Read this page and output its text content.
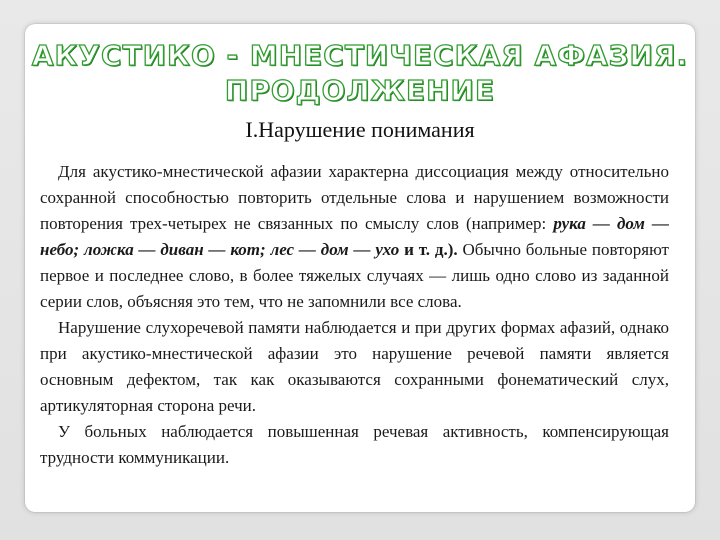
АКУСТИКО - МНЕСТИЧЕСКАЯ АФАЗИЯ.
ПРОДОЛЖЕНИЕ
I.Нарушение понимания

Для акустико-мнестической афазии характерна диссоциация между относительно сохранной способностью повторить отдельные слова и нарушением возможности повторения трех-четырех не связанных по смыслу слов (например: рука — дом — небо; ложка — диван — кот; лес — дом — ухо и т. д.). Обычно больные повторяют первое и последнее слово, в более тяжелых случаях — лишь одно слово из заданной серии слов, объясняя это тем, что не запомнили все слова.

Нарушение слухоречевой памяти наблюдается и при других формах афазий, однако при акустико-мнестической афазии это нарушение речевой памяти является основным дефектом, так как оказываются сохранными фонематический слух, артикуляторная сторона речи.

У больных наблюдается повышенная речевая активность, компенсирующая трудности коммуникации.
